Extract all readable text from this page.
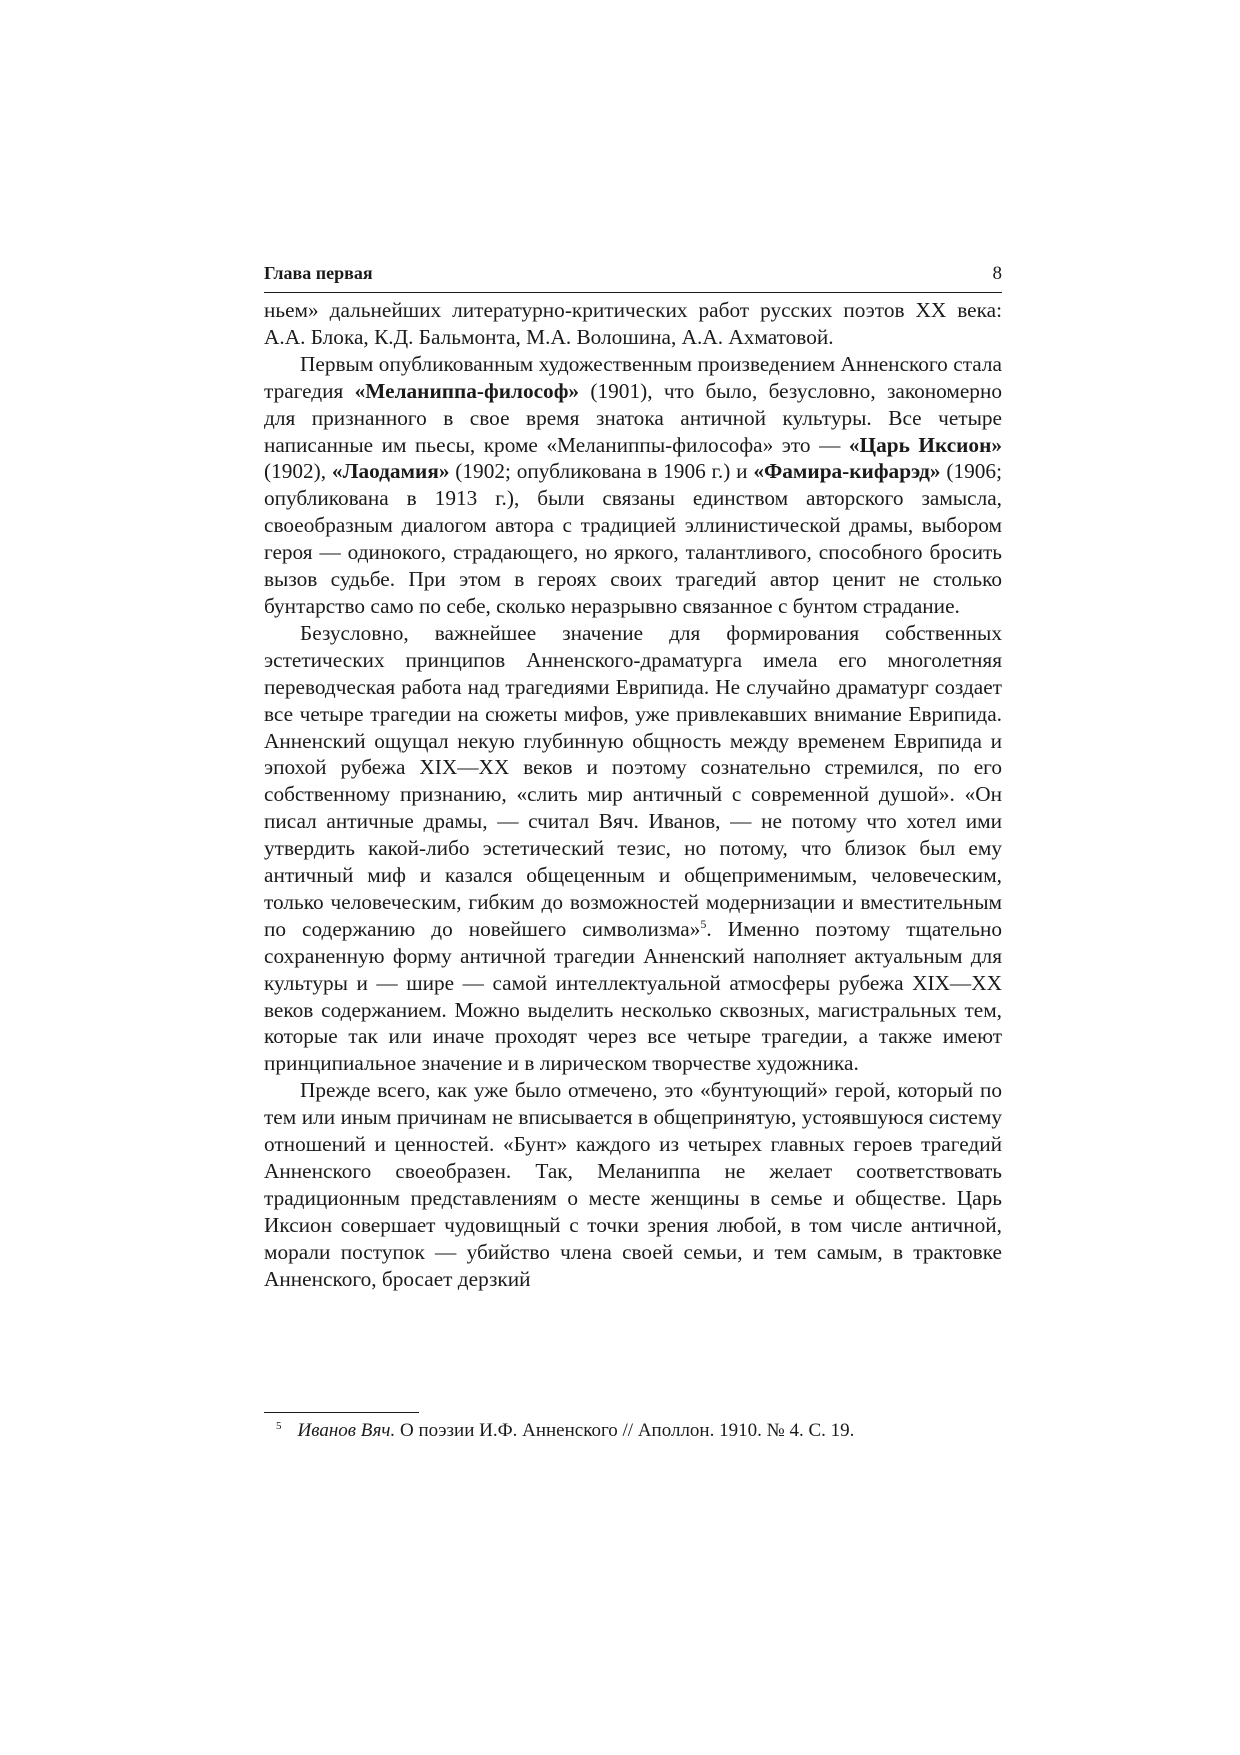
Глава первая	8

ньем» дальнейших литературно-критических работ русских поэтов XX века: А.А. Блока, К.Д. Бальмонта, М.А. Волошина, А.А. Ахматовой.

Первым опубликованным художественным произведением Анненского стала трагедия «Меланиппа-философ» (1901), что было, безусловно, закономерно для признанного в свое время знатока античной культуры. Все четыре написанные им пьесы, кроме «Меланиппы-философа» это — «Царь Иксион» (1902), «Лаодамия» (1902; опубликована в 1906 г.) и «Фамира-кифарэд» (1906; опубликована в 1913 г.), были связаны единством авторского замысла, своеобразным диалогом автора с традицией эллинистической драмы, выбором героя — одинокого, страдающего, но яркого, талантливого, способного бросить вызов судьбе. При этом в героях своих трагедий автор ценит не столько бунтарство само по себе, сколько неразрывно связанное с бунтом страдание.

Безусловно, важнейшее значение для формирования собственных эстетических принципов Анненского-драматурга имела его многолетняя переводческая работа над трагедиями Еврипида. Не случайно драматург создает все четыре трагедии на сюжеты мифов, уже привлекавших внимание Еврипида. Анненский ощущал некую глубинную общность между временем Еврипида и эпохой рубежа XIX—XX веков и поэтому сознательно стремился, по его собственному признанию, «слить мир античный с современной душой». «Он писал античные драмы, — считал Вяч. Иванов, — не потому что хотел ими утвердить какой-либо эстетический тезис, но потому, что близок был ему античный миф и казался общеценным и общеприменимым, человеческим, только человеческим, гибким до возможностей модернизации и вместительным по содержанию до новейшего символизма»$^5$. Именно поэтому тщательно сохраненную форму античной трагедии Анненский наполняет актуальным для культуры и — шире — самой интеллектуальной атмосферы рубежа XIX—XX веков содержанием. Можно выделить несколько сквозных, магистральных тем, которые так или иначе проходят через все четыре трагедии, а также имеют принципиальное значение и в лирическом творчестве художника.

Прежде всего, как уже было отмечено, это «бунтующий» герой, который по тем или иным причинам не вписывается в общепринятую, устоявшуюся систему отношений и ценностей. «Бунт» каждого из четырех главных героев трагедий Анненского своеобразен. Так, Меланиппа не желает соответствовать традиционным представлениям о месте женщины в семье и обществе. Царь Иксион совершает чудовищный с точки зрения любой, в том числе античной, морали поступок — убийство члена своей семьи, и тем самым, в трактовке Анненского, бросает дерзкий

$^5$ Иванов Вяч. О поэзии И.Ф. Анненского // Аполлон. 1910. № 4. С. 19.
